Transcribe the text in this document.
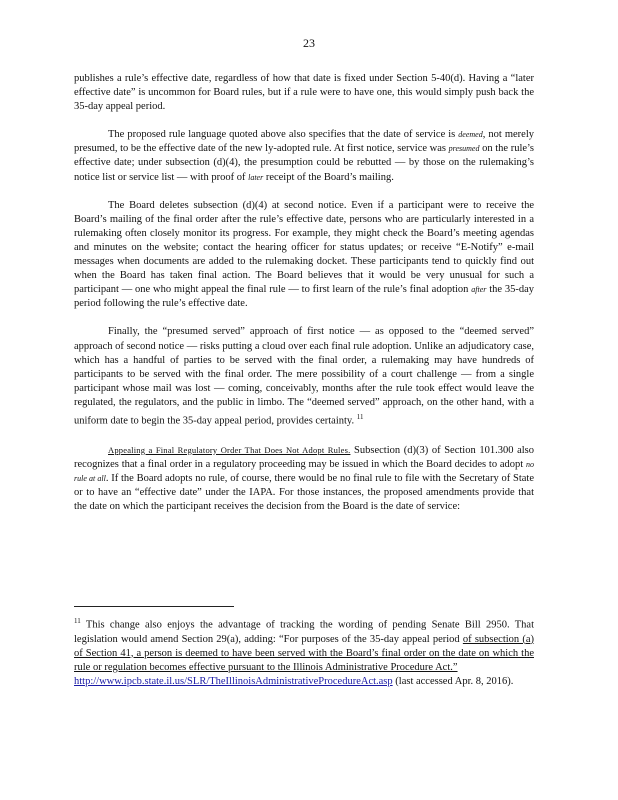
23

publishes a rule’s effective date, regardless of how that date is fixed under Section 5-40(d). Having a “later effective date” is uncommon for Board rules, but if a rule were to have one, this would simply push back the 35-day appeal period.

The proposed rule language quoted above also specifies that the date of service is deemed, not merely presumed, to be the effective date of the new ly-adopted rule. At first notice, service was presumed on the rule’s effective date; under subsection (d)(4), the presumption could be rebutted — by those on the rulemaking’s notice list or service list — with proof of later receipt of the Board’s mailing.

The Board deletes subsection (d)(4) at second notice. Even if a participant were to receive the Board’s mailing of the final order after the rule’s effective date, persons who are particularly interested in a rulemaking often closely monitor its progress. For example, they might check the Board’s meeting agendas and minutes on the website; contact the hearing officer for status updates; or receive “E-Notify” e-mail messages when documents are added to the rulemaking docket. These participants tend to quickly find out when the Board has taken final action. The Board believes that it would be very unusual for such a participant — one who might appeal the final rule — to first learn of the rule’s final adoption after the 35-day period following the rule’s effective date.

Finally, the “presumed served” approach of first notice — as opposed to the “deemed served” approach of second notice — risks putting a cloud over each final rule adoption. Unlike an adjudicatory case, which has a handful of parties to be served with the final order, a rulemaking may have hundreds of participants to be served with the final order. The mere possibility of a court challenge — from a single participant whose mail was lost — coming, conceivably, months after the rule took effect would leave the regulated, the regulators, and the public in limbo. The “deemed served” approach, on the other hand, with a uniform date to begin the 35-day appeal period, provides certainty. $^{11}$

Appealing a Final Regulatory Order That Does Not Adopt Rules. Subsection (d)(3) of Section 101.300 also recognizes that a final order in a regulatory proceeding may be issued in which the Board decides to adopt no rule at all. If the Board adopts no rule, of course, there would be no final rule to file with the Secretary of State or to have an “effective date” under the IAPA. For those instances, the proposed amendments provide that the date on which the participant receives the decision from the Board is the date of service:

$^{11}$ This change also enjoys the advantage of tracking the wording of pending Senate Bill 2950. That legislation would amend Section 29(a), adding: “For purposes of the 35-day appeal period of subsection (a) of Section 41, a person is deemed to have been served with the Board’s final order on the date on which the rule or regulation becomes effective pursuant to the Illinois Administrative Procedure Act.”
http://www.ipcb.state.il.us/SLR/TheIllinoisAdministrativeProcedureAct.asp (last accessed Apr. 8, 2016).
